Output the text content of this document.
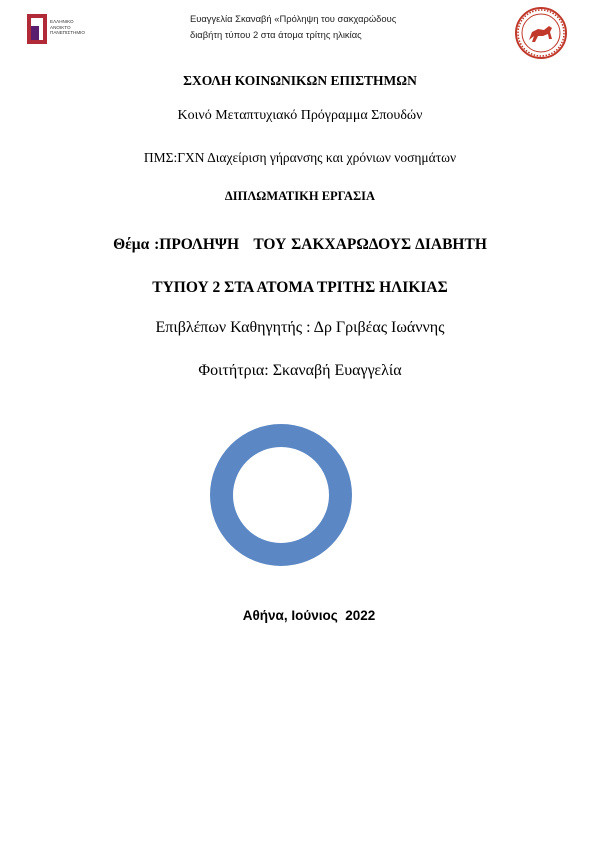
ΕΛΛΗΝΙΚΟ
ΑΝΟΙΚΤΟ
ΠΑΝΕΠΙΣΤΗΜΙΟ
Ευαγγελία Σκαναβή «Πρόληψη του σακχαρώδους
διαβήτη τύπου 2 στα άτομα τρίτης ηλικίας
ΣΧΟΛΗ ΚΟΙΝΩΝΙΚΩΝ ΕΠΙΣΤΗΜΩΝ
Κοινό Μεταπτυχιακό Πρόγραμμα Σπουδών
ΠΜΣ:ΓΧΝ Διαχείριση γήρανσης και χρόνιων νοσημάτων
ΔΙΠΛΩΜΑΤΙΚΗ ΕΡΓΑΣΙΑ
Θέμα :ΠΡΟΛΗΨΗ   ΤΟΥ ΣΑΚΧΑΡΩΔΟΥΣ ΔΙΑΒΗΤΗ
ΤΥΠΟΥ 2 ΣΤΑ ΑΤΟΜΑ ΤΡΙΤΗΣ ΗΛΙΚΙΑΣ
Επιβλέπων Καθηγητής : Δρ Γριβέας Ιωάννης
Φοιτήτρια: Σκαναβή Ευαγγελία
Αθήνα, Ιούνιος  2022
